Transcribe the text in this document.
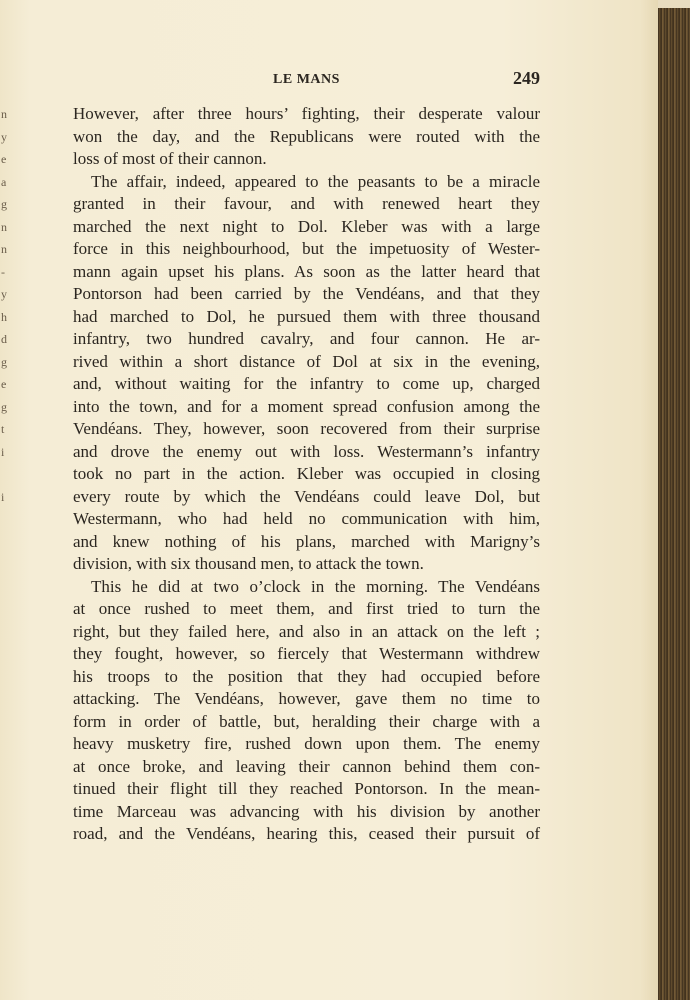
LE MANS	249

However, after three hours’ fighting, their desperate valour
won the day, and the Republicans were routed with the
loss of most of their cannon.

The affair, indeed, appeared to the peasants to be a miracle
granted in their favour, and with renewed heart they
marched the next night to Dol. Kleber was with a large
force in this neighbourhood, but the impetuosity of Wester-
mann again upset his plans. As soon as the latter heard that
Pontorson had been carried by the Vendéans, and that they
had marched to Dol, he pursued them with three thousand
infantry, two hundred cavalry, and four cannon. He ar-
rived within a short distance of Dol at six in the evening,
and, without waiting for the infantry to come up, charged
into the town, and for a moment spread confusion among the
Vendéans. They, however, soon recovered from their surprise
and drove the enemy out with loss. Westermann’s infantry
took no part in the action. Kleber was occupied in closing
every route by which the Vendéans could leave Dol, but
Westermann, who had held no communication with him,
and knew nothing of his plans, marched with Marigny’s
division, with six thousand men, to attack the town.

This he did at two o’clock in the morning. The Vendéans
at once rushed to meet them, and first tried to turn the
right, but they failed here, and also in an attack on the left ;
they fought, however, so fiercely that Westermann withdrew
his troops to the position that they had occupied before
attacking. The Vendéans, however, gave them no time to
form in order of battle, but, heralding their charge with a
heavy musketry fire, rushed down upon them. The enemy
at once broke, and leaving their cannon behind them con-
tinued their flight till they reached Pontorson. In the mean-
time Marceau was advancing with his division by another
road, and the Vendéans, hearing this, ceased their pursuit of

n
y
e
a
g
n
n
-
y
h
d
g
e
g
t
i
i
